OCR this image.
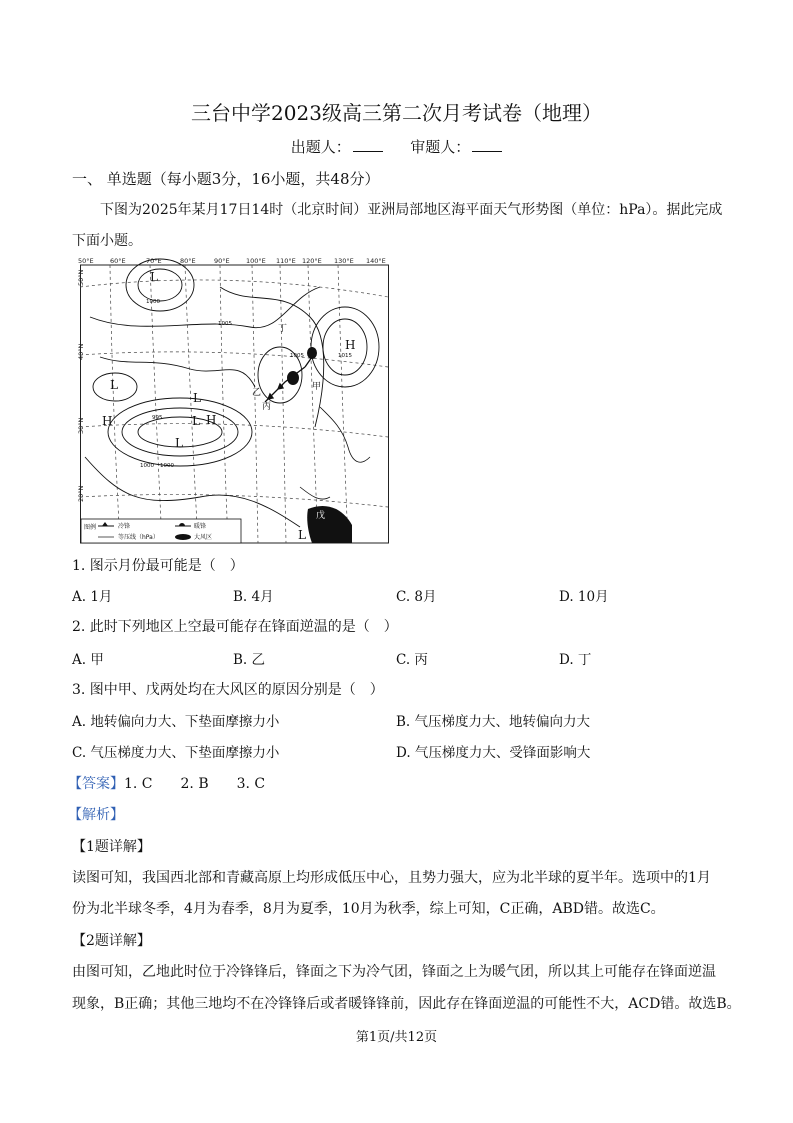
三台中学2023级高三第二次月考试卷（地理）
出题人：	审题人：
一、 单选题（每小题3分，16小题，共48分）
下图为2025年某月17日14时（北京时间）亚洲局部地区海平面天气形势图（单位：hPa）。据此完成
下面小题。
50°E	60°E	70°E	80°E	90°E	100°E 110°E 120°E 130°E 140°E
50°N
40°N
30°N
20°N
L
H
L
H
L
L
L
H
L
1000
1005
1000
995
1000
1005	1015
甲
乙
丙
丁
戊
图例	冷锋
等压线（hPa）
暖锋
大风区
1. 图示月份最可能是（　）
A. 1月	B. 4月	C. 8月	D. 10月
2. 此时下列地区上空最可能存在锋面逆温的是（　）
A. 甲	B. 乙	C. 丙	D. 丁
3. 图中甲、戊两处均在大风区的原因分别是（　）
A. 地转偏向力大、下垫面摩擦力小	B. 气压梯度力大、地转偏向力大
C. 气压梯度力大、下垫面摩擦力小	D. 气压梯度力大、受锋面影响大
【答案】1. C　　2. B　　3. C
【解析】
【1题详解】
读图可知，我国西北部和青藏高原上均形成低压中心，且势力强大，应为北半球的夏半年。选项中的1月
份为北半球冬季，4月为春季，8月为夏季，10月为秋季，综上可知，C正确，ABD错。故选C。
【2题详解】
由图可知，乙地此时位于冷锋锋后，锋面之下为冷气团，锋面之上为暖气团，所以其上可能存在锋面逆温
现象，B正确；其他三地均不在冷锋锋后或者暖锋锋前，因此存在锋面逆温的可能性不大，ACD错。故选B。
第1页/共12页
